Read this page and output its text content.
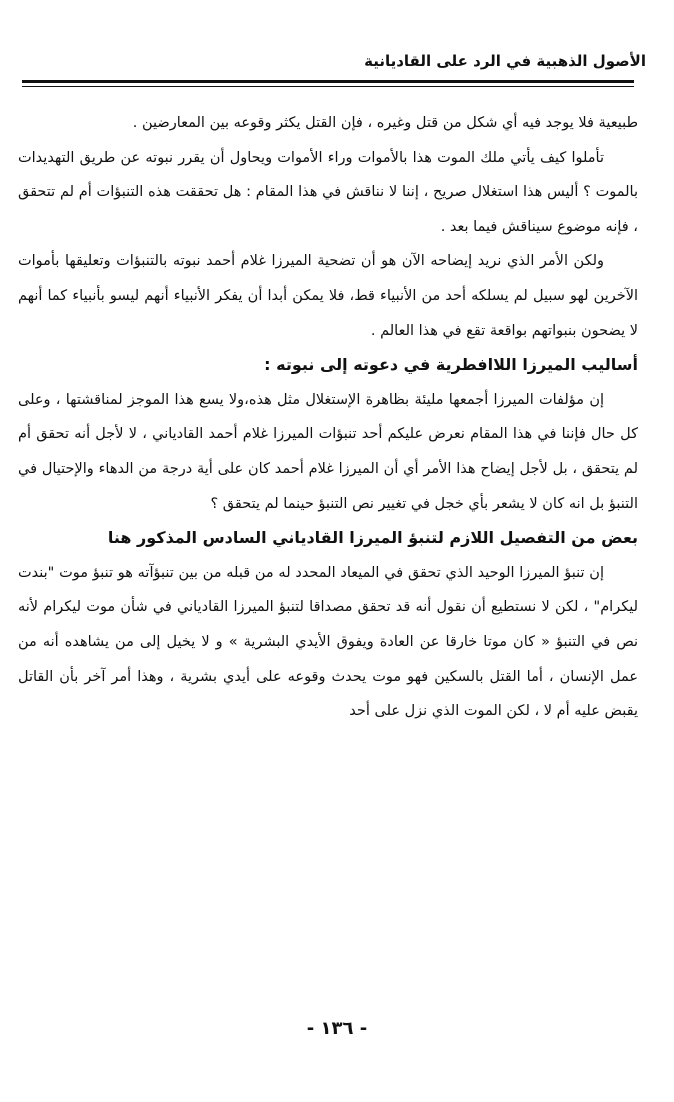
الأصول الذهبية في الرد على القاديانية

طبيعية فلا يوجد فيه أي شكل من قتل وغيره ، فإن القتل يكثر وقوعه بين المعارضين .

تأملوا كيف يأتي ملك الموت هذا بالأموات وراء الأموات ويحاول أن يقرر نبوته عن طريق التهديدات بالموت ؟ أليس هذا استغلال صريح ، إننا لا نناقش في هذا المقام : هل تحققت هذه التنبؤات أم لم تتحقق ، فإنه موضوع سيناقش فيما بعد .

ولكن الأمر الذي نريد إيضاحه الآن هو أن تضحية الميرزا غلام أحمد نبوته بالتنبؤات وتعليقها بأموات الآخرين لهو سبيل لم يسلكه أحد من الأنبياء قط، فلا يمكن أبدا أن يفكر الأنبياء أنهم ليسو بأنبياء كما أنهم لا يضحون بنبواتهم بواقعة تقع في هذا العالم .

أساليب الميرزا اللاافطرية في دعوته إلى نبوته :

إن مؤلفات الميرزا أجمعها مليئة بظاهرة الإستغلال مثل هذه،ولا يسع هذا الموجز لمناقشتها ، وعلى كل حال فإننا في هذا المقام نعرض عليكم أحد تنبؤات الميرزا غلام أحمد القادياني ، لا لأجل أنه تحقق أم لم يتحقق ، بل لأجل إيضاح هذا الأمر أي أن الميرزا غلام أحمد كان على أية درجة من الدهاء والإحتيال في التنبؤ بل انه كان لا يشعر بأي خجل في تغيير نص التنبؤ حينما لم يتحقق ؟

بعض من التفصيل اللازم لتنبؤ الميرزا القادياني السادس المذكور هنا

إن تنبؤ الميرزا الوحيد الذي تحقق في الميعاد المحدد له من قبله من بين تنبؤآته هو تنبؤ موت "بندت ليكرام" ، لكن لا نستطيع أن نقول أنه قد تحقق مصداقا لتنبؤ الميرزا القادياني في شأن موت ليكرام لأنه نص في التنبؤ « كان موتا خارقا عن العادة ويفوق الأيدي البشرية » و لا يخيل إلى من يشاهده أنه من عمل الإنسان ، أما القتل بالسكين فهو موت يحدث وقوعه على أيدي بشرية ، وهذا أمر آخر بأن القاتل يقبض عليه أم لا ، لكن الموت الذي نزل على أحد

- ١٣٦ -
